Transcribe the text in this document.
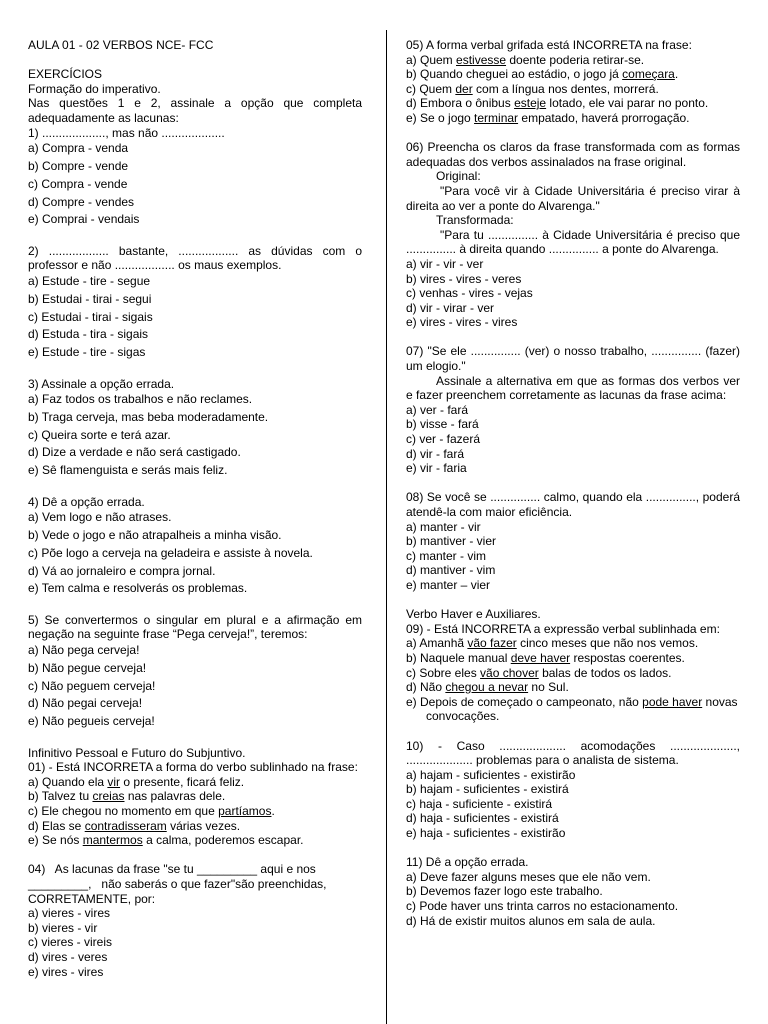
AULA 01 - 02 VERBOS NCE- FCC
EXERCÍCIOS
Formação do imperativo.
Nas questões 1 e 2, assinale a opção que completa adequadamente as lacunas:
1) ..................., mas não ...................
a) Compra - venda
b) Compre - vende
c) Compra - vende
d) Compre - vendes
e) Comprai - vendais
2) .................. bastante, .................. as dúvidas com o professor e não .................. os maus exemplos.
a) Estude - tire - segue
b) Estudai - tirai - segui
c) Estudai - tirai - sigais
d) Estuda - tira - sigais
e) Estude - tire - sigas
3) Assinale a opção errada.
a) Faz todos os trabalhos e não reclames.
b) Traga cerveja, mas beba moderadamente.
c) Queira sorte e terá azar.
d) Dize a verdade e não será castigado.
e) Sê flamenguista e serás mais feliz.
4) Dê a opção errada.
a) Vem logo e não atrases.
b) Vede o jogo e não atrapalheis a minha visão.
c) Põe logo a cerveja na geladeira e assiste à novela.
d) Vá ao jornaleiro e compra jornal.
e) Tem calma e resolverás os problemas.
5) Se convertermos o singular em plural e a afirmação em negação na seguinte frase “Pega cerveja!”, teremos:
a) Não pega cerveja!
b) Não pegue cerveja!
c) Não peguem cerveja!
d) Não pegai cerveja!
e) Não pegueis cerveja!
Infinitivo Pessoal e Futuro do Subjuntivo.
01) - Está INCORRETA a forma do verbo sublinhado na frase:
a) Quando ela vir o presente, ficará feliz.
b) Talvez tu creias nas palavras dele.
c) Ele chegou no momento em que partíamos.
d) Elas se contradisseram várias vezes.
e) Se nós mantermos a calma, poderemos escapar.
04)   As lacunas da frase "se tu _________ aqui e nos
_________,   não saberás o que fazer"são preenchidas,
CORRETAMENTE, por:
a) vieres - vires
b) vieres - vir
c) vieres - vireis
d) vires - veres
e) vires - vires
05) A forma verbal grifada está INCORRETA na frase:
a) Quem estivesse doente poderia retirar-se.
b) Quando cheguei ao estádio, o jogo já começara.
c) Quem der com a língua nos dentes, morrerá.
d) Embora o ônibus esteje lotado, ele vai parar no ponto.
e) Se o jogo terminar empatado, haverá prorrogação.
06) Preencha os claros da frase transformada com as formas adequadas dos verbos assinalados na frase original.
Original:
"Para você vir à Cidade Universitária é preciso virar à direita ao ver a ponte do Alvarenga."
Transformada:
"Para tu ............... à Cidade Universitária é preciso que ............... à direita quando ............... a ponte do Alvarenga.
a) vir - vir - ver
b) vires - vires - veres
c) venhas - vires - vejas
d) vir - virar - ver
e) vires - vires - vires
07) "Se ele ............... (ver) o nosso trabalho, ............... (fazer) um elogio."
Assinale a alternativa em que as formas dos verbos ver e fazer preenchem corretamente as lacunas da frase acima:
a) ver - fará
b) visse - fará
c) ver - fazerá
d) vir - fará
e) vir - faria
08) Se você se ............... calmo, quando ela ..............., poderá atendê-la com maior eficiência.
a) manter - vir
b) mantiver - vier
c) manter - vim
d) mantiver - vim
e) manter – vier
Verbo Haver e Auxiliares.
09) - Está INCORRETA a expressão verbal sublinhada em:
a) Amanhã vão fazer cinco meses que não nos vemos.
b) Naquele manual deve haver respostas coerentes.
c) Sobre eles vão chover balas de todos os lados.
d) Não chegou a nevar no Sul.
e) Depois de começado o campeonato, não pode haver novas convocações.
10) - Caso .................... acomodações ...................., .................... problemas para o analista de sistema.
a) hajam - suficientes - existirão
b) hajam - suficientes - existirá
c) haja - suficiente - existirá
d) haja - suficientes - existirá
e) haja - suficientes - existirão
11) Dê a opção errada.
a) Deve fazer alguns meses que ele não vem.
b) Devemos fazer logo este trabalho.
c) Pode haver uns trinta carros no estacionamento.
d) Há de existir muitos alunos em sala de aula.
